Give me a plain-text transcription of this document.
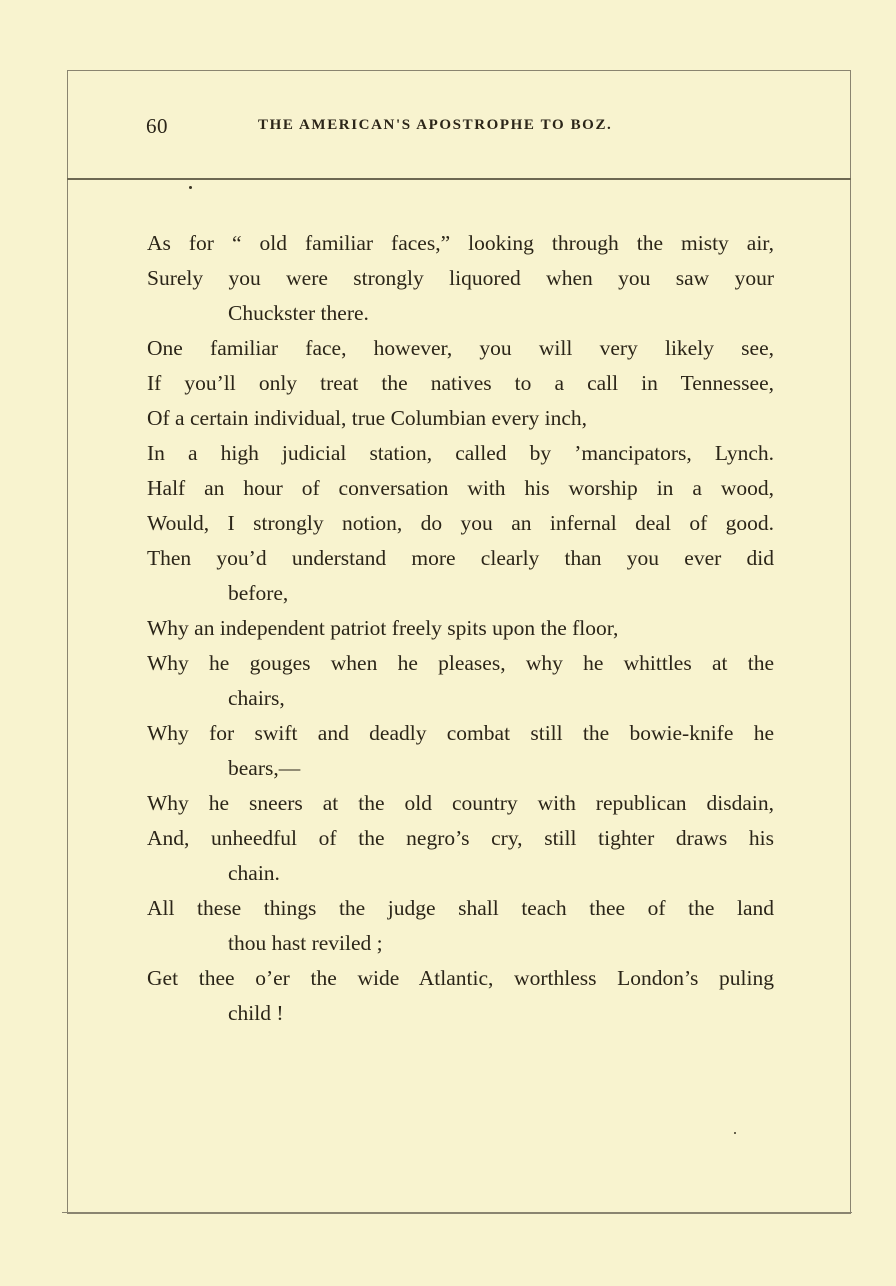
60	THE AMERICAN'S APOSTROPHE TO BOZ.
As for “ old familiar faces,” looking through the misty air,
Surely you were strongly liquored when you saw your
Chuckster there.
One familiar face, however, you will very likely see,
If you’ll only treat the natives to a call in Tennessee,
Of a certain individual, true Columbian every inch,
In a high judicial station, called by ’mancipators, Lynch.
Half an hour of conversation with his worship in a wood,
Would, I strongly notion, do you an infernal deal of good.
Then you’d understand more clearly than you ever did
before,
Why an independent patriot freely spits upon the floor,
Why he gouges when he pleases, why he whittles at the
chairs,
Why for swift and deadly combat still the bowie-knife he
bears,—
Why he sneers at the old country with republican disdain,
And, unheedful of the negro’s cry, still tighter draws his
chain.
All these things the judge shall teach thee of the land
thou hast reviled ;
Get thee o’er the wide Atlantic, worthless London’s puling
child !
